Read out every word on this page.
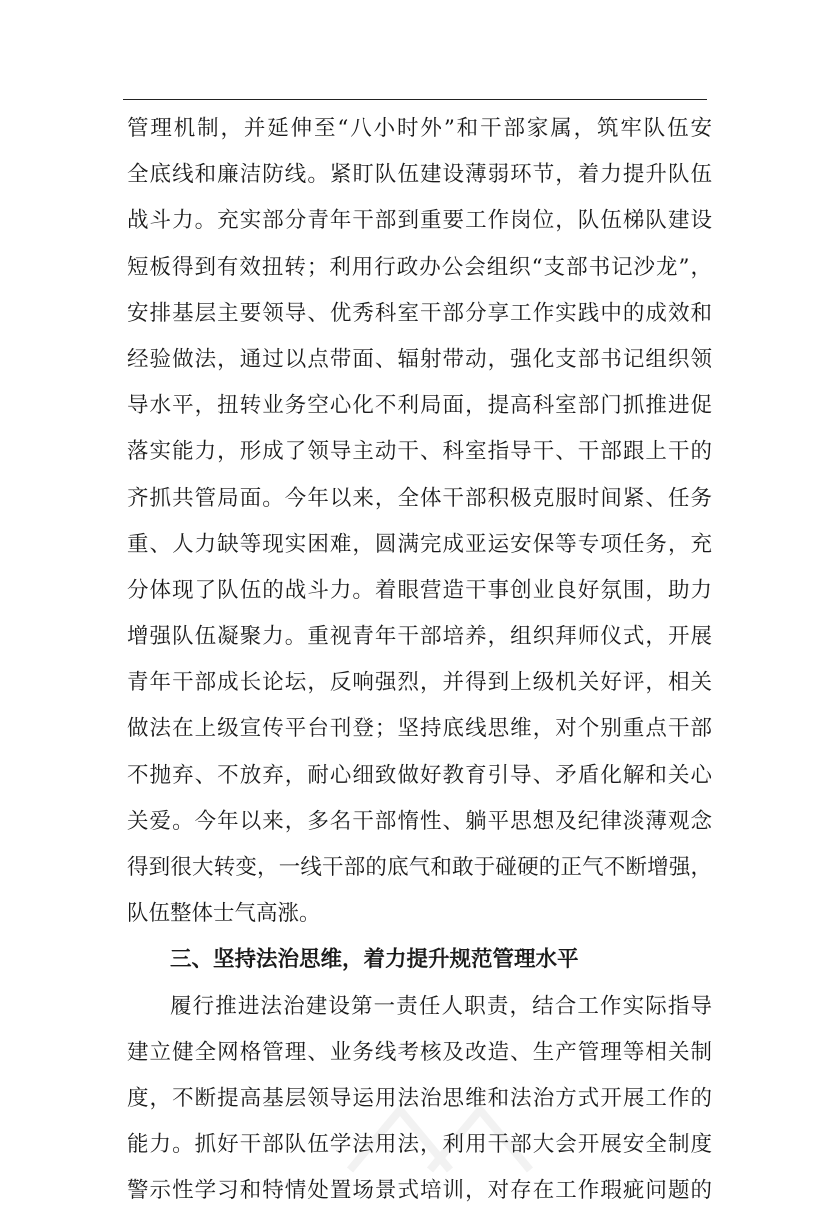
管理机制，并延伸至“八小时外”和干部家属，筑牢队伍安
全底线和廉洁防线。紧盯队伍建设薄弱环节，着力提升队伍
战斗力。充实部分青年干部到重要工作岗位，队伍梯队建设
短板得到有效扭转；利用行政办公会组织“支部书记沙龙”，
安排基层主要领导、优秀科室干部分享工作实践中的成效和
经验做法，通过以点带面、辐射带动，强化支部书记组织领
导水平，扭转业务空心化不利局面，提高科室部门抓推进促
落实能力，形成了领导主动干、科室指导干、干部跟上干的
齐抓共管局面。今年以来，全体干部积极克服时间紧、任务
重、人力缺等现实困难，圆满完成亚运安保等专项任务，充
分体现了队伍的战斗力。着眼营造干事创业良好氛围，助力
增强队伍凝聚力。重视青年干部培养，组织拜师仪式，开展
青年干部成长论坛，反响强烈，并得到上级机关好评，相关
做法在上级宣传平台刊登；坚持底线思维，对个别重点干部
不抛弃、不放弃，耐心细致做好教育引导、矛盾化解和关心
关爱。今年以来，多名干部惰性、躺平思想及纪律淡薄观念
得到很大转变，一线干部的底气和敢于碰硬的正气不断增强，
队伍整体士气高涨。
三、坚持法治思维，着力提升规范管理水平
履行推进法治建设第一责任人职责，结合工作实际指导
建立健全网格管理、业务线考核及改造、生产管理等相关制
度，不断提高基层领导运用法治思维和法治方式开展工作的
能力。抓好干部队伍学法用法，利用干部大会开展安全制度
警示性学习和特情处置场景式培训，对存在工作瑕疵问题的
